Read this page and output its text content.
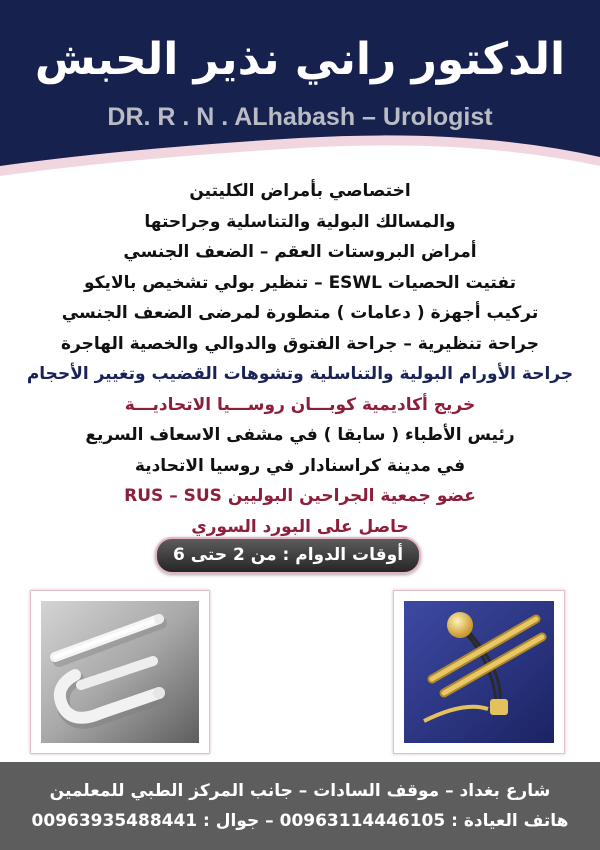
الدكتور راني نذير الحبش
DR. R . N . ALhabash – Urologist
اختصاصي بأمراض الكليتين
والمسالك البولية والتناسلية وجراحتها
أمراض البروستات العقم – الضعف الجنسي
تفتيت الحصيات ESWL – تنظير بولي تشخيص بالايكو
تركيب أجهزة ( دعامات ) متطورة لمرضى الضعف الجنسي
جراحة تنظيرية – جراحة الفتوق والدوالي والخصية الهاجرة
جراحة الأورام البولية والتناسلية وتشوهات القضيب وتغيير الأحجام
خريج أكاديمية كوبـــان روســـيا الاتحاديـــة
رئيس الأطباء ( سابقا ) في مشفى الاسعاف السريع
في مدينة كراسنادار في روسيا الاتحادية
عضو جمعية الجراحين البوليين RUS – SUS
حاصل على البورد السوري
أوقات الدوام : من 2 حتى 6
شارع بغداد – موقف السادات – جانب المركز الطبي للمعلمين
هاتف العيادة : 00963114446105 – جوال : 00963935488441
